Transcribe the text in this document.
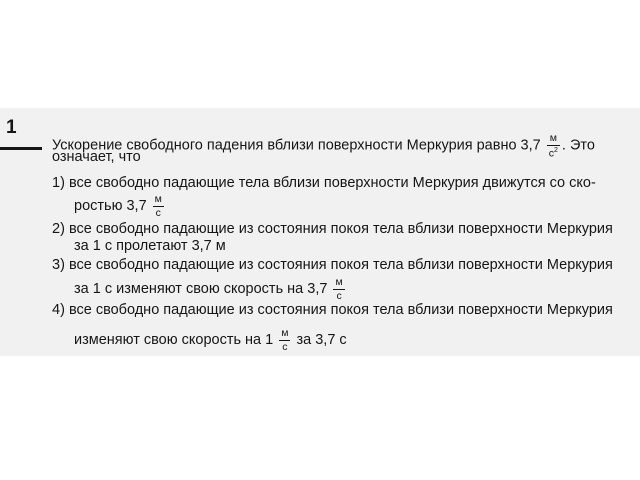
1
Ускорение свободного падения вблизи поверхности Меркурия равно $3,7 \frac{м}{с^2}$ . Это
означает, что
1) все свободно падающие тела вблизи поверхности Меркурия движутся со ско-
ростью $3,7 \frac{м}{с}$
2) все свободно падающие из состояния покоя тела вблизи поверхности Меркурия
за 1 с пролетают 3,7 м
3) все свободно падающие из состояния покоя тела вблизи поверхности Меркурия
за 1 с изменяют свою скорость на $3,7 \frac{м}{с}$
4) все свободно падающие из состояния покоя тела вблизи поверхности Меркурия
изменяют свою скорость на $1 \frac{м}{с}$ за 3,7 с
